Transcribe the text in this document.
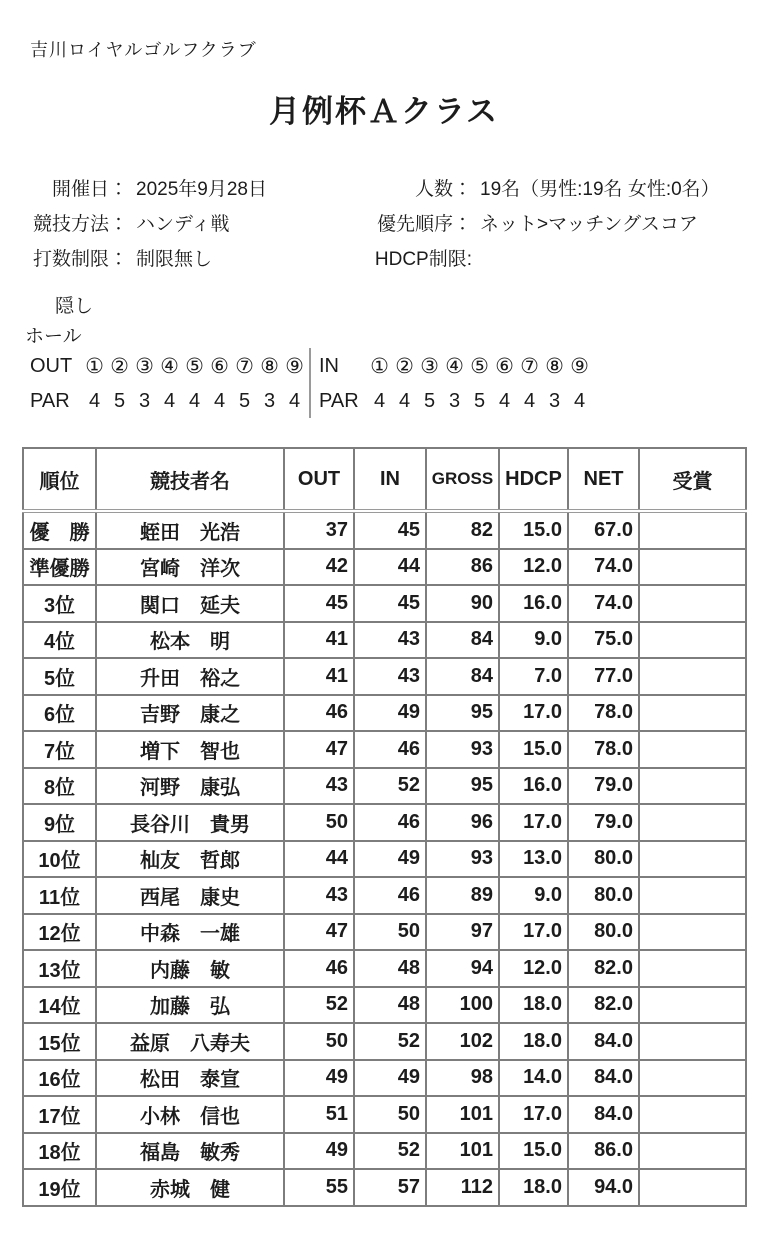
吉川ロイヤルゴルフクラブ
月例杯Ａクラス
開催日： 2025年9月28日	人数： 19名（男性:19名 女性:0名）
競技方法： ハンディ戦	優先順序： ネット>マッチングスコア
打数制限： 制限無し	HDCP制限:
隠し
ホール
OUT ① ② ③ ④ ⑤ ⑥ ⑦ ⑧ ⑨
PAR 4 5 3 4 4 4 5 3 4
IN	① ② ③ ④ ⑤ ⑥ ⑦ ⑧ ⑨
PAR 4 4 5 3 5 4 4 3 4
順位	競技者名	OUT	IN	GROSS	HDCP	NET	受賞
優　勝	蛭田　光浩	37	45	82	15.0	67.0	
準優勝	宮崎　洋次	42	44	86	12.0	74.0	
3位	関口　延夫	45	45	90	16.0	74.0	
4位	松本　明	41	43	84	9.0	75.0	
5位	升田　裕之	41	43	84	7.0	77.0	
6位	吉野　康之	46	49	95	17.0	78.0	
7位	増下　智也	47	46	93	15.0	78.0	
8位	河野　康弘	43	52	95	16.0	79.0	
9位	長谷川　貴男	50	46	96	17.0	79.0	
10位	杣友　哲郎	44	49	93	13.0	80.0	
11位	西尾　康史	43	46	89	9.0	80.0	
12位	中森　一雄	47	50	97	17.0	80.0	
13位	内藤　敏	46	48	94	12.0	82.0	
14位	加藤　弘	52	48	100	18.0	82.0	
15位	益原　八寿夫	50	52	102	18.0	84.0	
16位	松田　泰宣	49	49	98	14.0	84.0	
17位	小林　信也	51	50	101	17.0	84.0	
18位	福島　敏秀	49	52	101	15.0	86.0	
19位	赤城　健	55	57	112	18.0	94.0	
